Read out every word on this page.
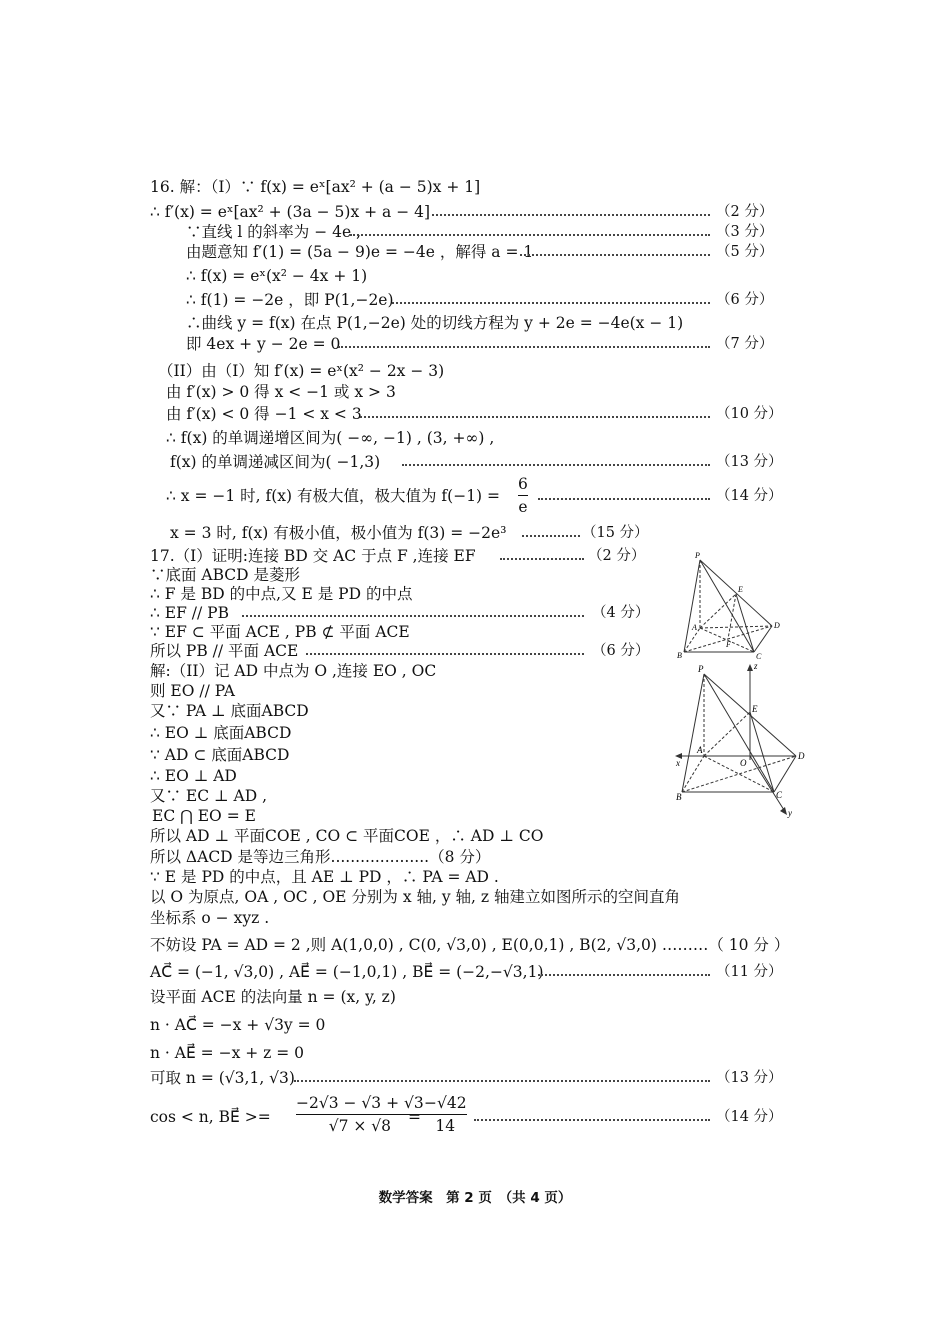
16. 解：（I）∵ f(x) = eˣ[ax² + (a − 5)x + 1]
∴ f′(x) = eˣ[ax² + (3a − 5)x + a − 4]	（2 分）
∵直线 l 的斜率为 − 4e ,	（3 分）
由题意知 f′(1) = (5a − 9)e = −4e ，解得 a = 1	（5 分）
∴ f(x) = eˣ(x² − 4x + 1)
∴ f(1) = −2e ，即 P(1,−2e)	（6 分）
∴曲线 y = f(x) 在点 P(1,−2e) 处的切线方程为 y + 2e = −4e(x − 1)
即 4ex + y − 2e = 0	（7 分）
（II）由（I）知 f′(x) = eˣ(x² − 2x − 3)
由 f′(x) > 0 得 x < −1 或 x > 3
由 f′(x) < 0 得 −1 < x < 3	（10 分）
∴ f(x) 的单调递增区间为( −∞, −1) , (3, +∞) ,
f(x) 的单调递减区间为( −1,3)	（13 分）
∴ x = −1 时, f(x) 有极大值，极大值为 f(−1) =
6
e
（14 分）
x = 3 时, f(x) 有极小值，极小值为 f(3) = −2e³	（15 分）
17.（I）证明:连接 BD 交 AC 于点 F ,连接 EF	（2 分）
∵底面 ABCD 是菱形
∴ F 是 BD 的中点,又 E 是 PD 的中点
∴ EF // PB	（4 分）
∵ EF ⊂ 平面 ACE , PB ⊄ 平面 ACE
所以 PB // 平面 ACE	（6 分）
解:（II）记 AD 中点为 O ,连接 EO , OC
则 EO // PA
又∵ PA ⊥ 底面ABCD
∴ EO ⊥ 底面ABCD
∵ AD ⊂ 底面ABCD
∴ EO ⊥ AD
又∵ EC ⊥ AD ,
EC ⋂ EO = E
所以 AD ⊥ 平面COE , CO ⊂ 平面COE ，∴ AD ⊥ CO
所以 ΔACD 是等边三角形....................（8 分）
∵ E 是 PD 的中点，且 AE ⊥ PD ，∴ PA = AD .
以 O 为原点, OA , OC , OE 分别为 x 轴, y 轴, z 轴建立如图所示的空间直角
坐标系 o − xyz .
不妨设 PA = AD = 2 ,则 A(1,0,0) , C(0, √3,0) , E(0,0,1) , B(2, √3,0) ………（ 10 分 ）
AC⃗ = (−1, √3,0) , AE⃗ = (−1,0,1) , BE⃗ = (−2,−√3,1)	（11 分）
设平面 ACE 的法向量 n = (x, y, z)
n · AC⃗ = −x + √3y = 0
n · AE⃗ = −x + z = 0
可取 n = (√3,1, √3)	（13 分）
cos < n, BE⃗ >=
−2√3 − √3 + √3
√7 × √8	=
−√42
14	（14 分）
P
E
A	D
F
B	C
P	z
E
A
x	O
D
B	C
y
数学答案　第 2 页　（共 4 页）
